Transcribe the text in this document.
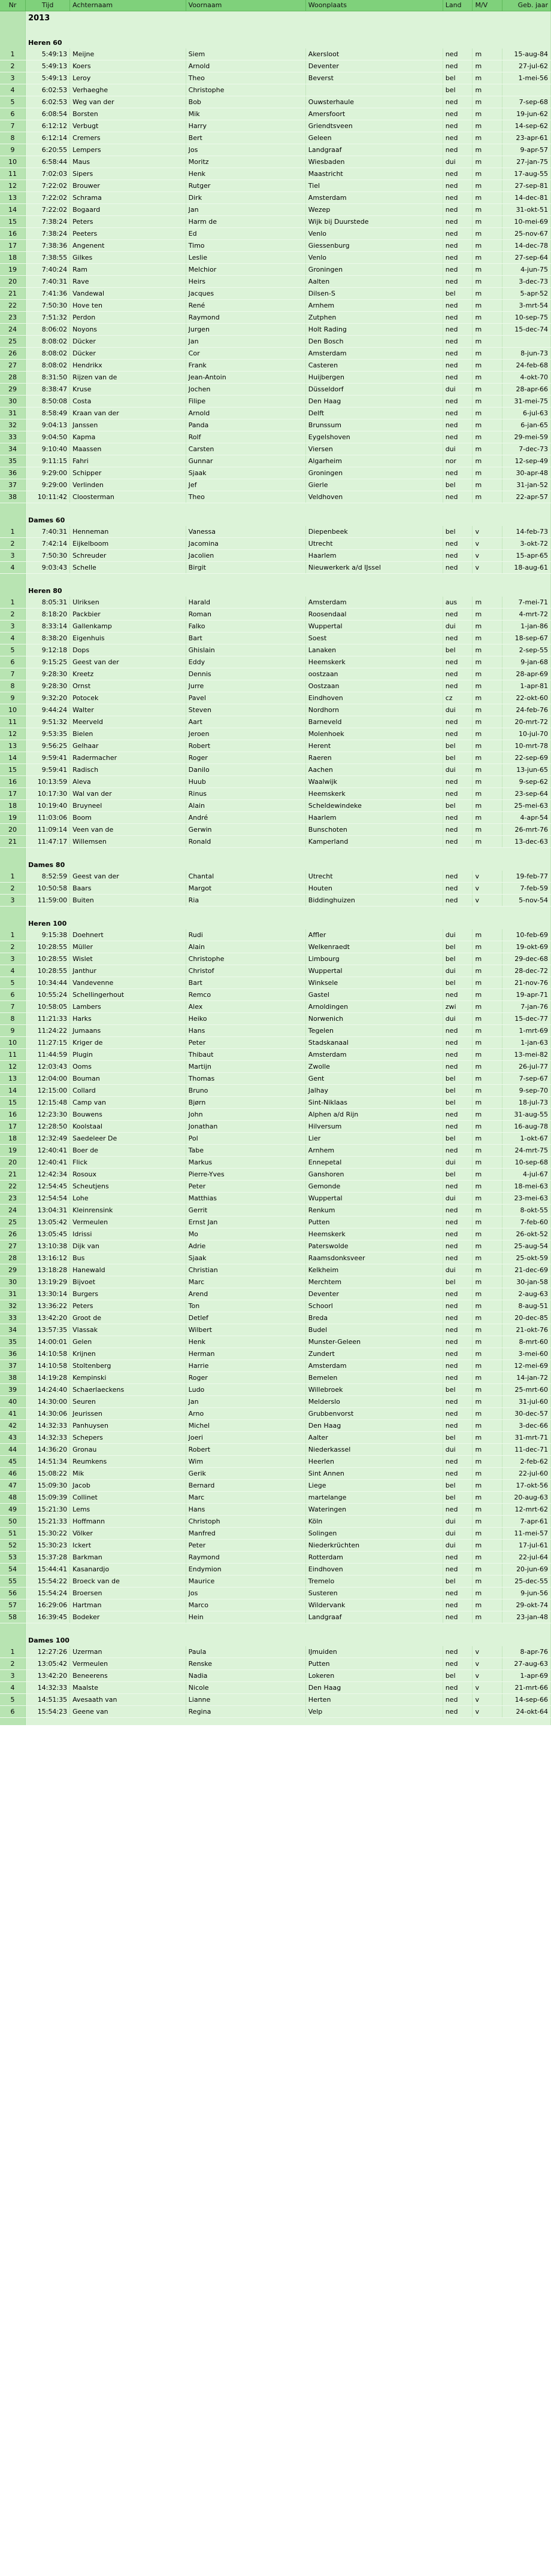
Nr	Tijd	Achternaam	Voornaam	Woonplaats	Land	M/V	Geb. jaar
	2013						

	Heren 60						
1	5:49:13	Meijne	Siem	Akersloot	ned	m	15-aug-84
2	5:49:13	Koers	Arnold	Deventer	ned	m	27-jul-62
3	5:49:13	Leroy	Theo	Beverst	bel	m	1-mei-56
4	6:02:53	Verhaeghe	Christophe		bel	m	
5	6:02:53	Weg van der	Bob	Ouwsterhaule	ned	m	7-sep-68
6	6:08:54	Borsten	Mik	Amersfoort	ned	m	19-jun-62
7	6:12:12	Verbugt	Harry	Griendtsveen	ned	m	14-sep-62
8	6:12:14	Cremers	Bert	Geleen	ned	m	23-apr-61
9	6:20:55	Lempers	Jos	Landgraaf	ned	m	9-apr-57
10	6:58:44	Maus	Moritz	Wiesbaden	dui	m	27-jan-75
11	7:02:03	Sipers	Henk	Maastricht	ned	m	17-aug-55
12	7:22:02	Brouwer	Rutger	Tiel	ned	m	27-sep-81
13	7:22:02	Schrama	Dirk	Amsterdam	ned	m	14-dec-81
14	7:22:02	Bogaard	Jan	Wezep	ned	m	31-okt-51
15	7:38:24	Peters	Harm de	Wijk bij Duurstede	ned	m	10-mei-69
16	7:38:24	Peeters	Ed	Venlo	ned	m	25-nov-67
17	7:38:36	Angenent	Timo	Giessenburg	ned	m	14-dec-78
18	7:38:55	Gilkes	Leslie	Venlo	ned	m	27-sep-64
19	7:40:24	Ram	Melchior	Groningen	ned	m	4-jun-75
20	7:40:31	Rave	Heirs	Aalten	ned	m	3-dec-73
21	7:41:36	Vandewal	Jacques	Dilsen-S	bel	m	5-apr-52
22	7:50:30	Hove ten	René	Arnhem	ned	m	3-mrt-54
23	7:51:32	Perdon	Raymond	Zutphen	ned	m	10-sep-75
24	8:06:02	Noyons	Jurgen	Holt Rading	ned	m	15-dec-74
25	8:08:02	Dücker	Jan	Den Bosch	ned	m	
26	8:08:02	Dücker	Cor	Amsterdam	ned	m	8-jun-73
27	8:08:02	Hendrikx	Frank	Casteren	ned	m	24-feb-68
28	8:31:50	Rijzen van de	Jean-Antoin	Huijbergen	ned	m	4-okt-70
29	8:38:47	Kruse	Jochen	Düsseldorf	dui	m	28-apr-66
30	8:50:08	Costa	Filipe	Den Haag	ned	m	31-mei-75
31	8:58:49	Kraan van der	Arnold	Delft	ned	m	6-jul-63
32	9:04:13	Janssen	Panda	Brunssum	ned	m	6-jan-65
33	9:04:50	Kapma	Rolf	Eygelshoven	ned	m	29-mei-59
34	9:10:40	Maassen	Carsten	Viersen	dui	m	7-dec-73
35	9:11:15	Fahri	Gunnar	Algarheim	nor	m	12-sep-49
36	9:29:00	Schipper	Sjaak	Groningen	ned	m	30-apr-48
37	9:29:00	Verlinden	Jef	Gierle	bel	m	31-jan-52
38	10:11:42	Cloosterman	Theo	Veldhoven	ned	m	22-apr-57

	Dames 60						
1	7:40:31	Henneman	Vanessa	Diepenbeek	bel	v	14-feb-73
2	7:42:14	Eijkelboom	Jacomina	Utrecht	ned	v	3-okt-72
3	7:50:30	Schreuder	Jacolien	Haarlem	ned	v	15-apr-65
4	9:03:43	Schelle	Birgit	Nieuwerkerk a/d IJssel	ned	v	18-aug-61

	Heren 80						
1	8:05:31	Ulriksen	Harald	Amsterdam	aus	m	7-mei-71
2	8:18:20	Packbier	Roman	Roosendaal	ned	m	4-mrt-72
3	8:33:14	Gallenkamp	Falko	Wuppertal	dui	m	1-jan-86
4	8:38:20	Eigenhuis	Bart	Soest	ned	m	18-sep-67
5	9:12:18	Dops	Ghislain	Lanaken	bel	m	2-sep-55
6	9:15:25	Geest van der	Eddy	Heemskerk	ned	m	9-jan-68
7	9:28:30	Kreetz	Dennis	oostzaan	ned	m	28-apr-69
8	9:28:30	Ornst	Jurre	Oostzaan	ned	m	1-apr-81
9	9:32:20	Potocek	Pavel	Eindhoven	cz	m	22-okt-60
10	9:44:24	Walter	Steven	Nordhorn	dui	m	24-feb-76
11	9:51:32	Meerveld	Aart	Barneveld	ned	m	20-mrt-72
12	9:53:35	Bielen	Jeroen	Molenhoek	ned	m	10-jul-70
13	9:56:25	Gelhaar	Robert	Herent	bel	m	10-mrt-78
14	9:59:41	Radermacher	Roger	Raeren	bel	m	22-sep-69
15	9:59:41	Radisch	Danilo	Aachen	dui	m	13-jun-65
16	10:13:59	Aleva	Huub	Waalwijk	ned	m	9-sep-62
17	10:17:30	Wal van der	Rinus	Heemskerk	ned	m	23-sep-64
18	10:19:40	Bruyneel	Alain	Scheldewindeke	bel	m	25-mei-63
19	11:03:06	Boom	André	Haarlem	ned	m	4-apr-54
20	11:09:14	Veen van de	Gerwin	Bunschoten	ned	m	26-mrt-76
21	11:47:17	Willemsen	Ronald	Kamperland	ned	m	13-dec-63

	Dames 80						
1	8:52:59	Geest van der	Chantal	Utrecht	ned	v	19-feb-77
2	10:50:58	Baars	Margot	Houten	ned	v	7-feb-59
3	11:59:00	Buiten	Ria	Biddinghuizen	ned	v	5-nov-54

	Heren 100						
1	9:15:38	Doehnert	Rudi	Affler	dui	m	10-feb-69
2	10:28:55	Müller	Alain	Welkenraedt	bel	m	19-okt-69
3	10:28:55	Wislet	Christophe	Limbourg	bel	m	29-dec-68
4	10:28:55	Janthur	Christof	Wuppertal	dui	m	28-dec-72
5	10:34:44	Vandevenne	Bart	Winksele	bel	m	21-nov-76
6	10:55:24	Schellingerhout	Remco	Gastel	ned	m	19-apr-71
7	10:58:05	Lambers	Alex	Arnoldingen	zwi	m	7-jan-76
8	11:21:33	Harks	Heiko	Norwenich	dui	m	15-dec-77
9	11:24:22	Jumaans	Hans	Tegelen	ned	m	1-mrt-69
10	11:27:15	Kriger de	Peter	Stadskanaal	ned	m	1-jan-63
11	11:44:59	Plugin	Thibaut	Amsterdam	ned	m	13-mei-82
12	12:03:43	Ooms	Martijn	Zwolle	ned	m	26-jul-77
13	12:04:00	Bouman	Thomas	Gent	bel	m	7-sep-67
14	12:15:00	Collard	Bruno	Jalhay	bel	m	9-sep-70
15	12:15:48	Camp van	Bjørn	Sint-Niklaas	bel	m	18-jul-73
16	12:23:30	Bouwens	John	Alphen a/d Rijn	ned	m	31-aug-55
17	12:28:50	Koolstaal	Jonathan	Hilversum	ned	m	16-aug-78
18	12:32:49	Saedeleer De	Pol	Lier	bel	m	1-okt-67
19	12:40:41	Boer de	Tabe	Arnhem	ned	m	24-mrt-75
20	12:40:41	Flick	Markus	Ennepetal	dui	m	10-sep-68
21	12:42:34	Rosoux	Pierre-Yves	Ganshoren	bel	m	4-jul-67
22	12:54:45	Scheutjens	Peter	Gemonde	ned	m	18-mei-63
23	12:54:54	Lohe	Matthias	Wuppertal	dui	m	23-mei-63
24	13:04:31	Kleinrensink	Gerrit	Renkum	ned	m	8-okt-55
25	13:05:42	Vermeulen	Ernst Jan	Putten	ned	m	7-feb-60
26	13:05:45	Idrissi	Mo	Heemskerk	ned	m	26-okt-52
27	13:10:38	Dijk van	Adrie	Paterswolde	ned	m	25-aug-54
28	13:16:12	Bus	Sjaak	Raamsdonksveer	ned	m	25-okt-59
29	13:18:28	Hanewald	Christian	Kelkheim	dui	m	21-dec-69
30	13:19:29	Bijvoet	Marc	Merchtem	bel	m	30-jan-58
31	13:30:14	Burgers	Arend	Deventer	ned	m	2-aug-63
32	13:36:22	Peters	Ton	Schoorl	ned	m	8-aug-51
33	13:42:20	Groot de	Detlef	Breda	ned	m	20-dec-85
34	13:57:35	Vlassak	Wilbert	Budel	ned	m	21-okt-76
35	14:00:01	Gelen	Henk	Munster-Geleen	ned	m	8-mrt-60
36	14:10:58	Krijnen	Herman	Zundert	ned	m	3-mei-60
37	14:10:58	Stoltenberg	Harrie	Amsterdam	ned	m	12-mei-69
38	14:19:28	Kempinski	Roger	Bemelen	ned	m	14-jan-72
39	14:24:40	Schaerlaeckens	Ludo	Willebroek	bel	m	25-mrt-60
40	14:30:00	Seuren	Jan	Melderslo	ned	m	31-jul-60
41	14:30:06	Jeurissen	Arno	Grubbenvorst	ned	m	30-dec-57
42	14:32:33	Panhuysen	Michel	Den Haag	ned	m	3-dec-66
43	14:32:33	Schepers	Joeri	Aalter	bel	m	31-mrt-71
44	14:36:20	Gronau	Robert	Niederkassel	dui	m	11-dec-71
45	14:51:34	Reumkens	Wim	Heerlen	ned	m	2-feb-62
46	15:08:22	Mik	Gerik	Sint Annen	ned	m	22-jul-60
47	15:09:30	Jacob	Bernard	Liege	bel	m	17-okt-56
48	15:09:39	Collinet	Marc	martelange	bel	m	20-aug-63
49	15:21:30	Lems	Hans	Wateringen	ned	m	12-mrt-62
50	15:21:33	Hoffmann	Christoph	Köln	dui	m	7-apr-61
51	15:30:22	Völker	Manfred	Solingen	dui	m	11-mei-57
52	15:30:23	Ickert	Peter	Niederkrüchten	dui	m	17-jul-61
53	15:37:28	Barkman	Raymond	Rotterdam	ned	m	22-jul-64
54	15:44:41	Kasanardjo	Endymion	Eindhoven	ned	m	20-jun-69
55	15:54:22	Broeck van de	Maurice	Tremelo	bel	m	25-dec-55
56	15:54:24	Broersen	Jos	Susteren	ned	m	9-jun-56
57	16:29:06	Hartman	Marco	Wildervank	ned	m	29-okt-74
58	16:39:45	Bodeker	Hein	Landgraaf	ned	m	23-jan-48

	Dames 100						
1	12:27:26	Uzerman	Paula	IJmuiden	ned	v	8-apr-76
2	13:05:42	Vermeulen	Renske	Putten	ned	v	27-aug-63
3	13:42:20	Beneerens	Nadia	Lokeren	bel	v	1-apr-69
4	14:32:33	Maalste	Nicole	Den Haag	ned	v	21-mrt-66
5	14:51:35	Avesaath van	Lianne	Herten	ned	v	14-sep-66
6	15:54:23	Geene van	Regina	Velp	ned	v	24-okt-64
